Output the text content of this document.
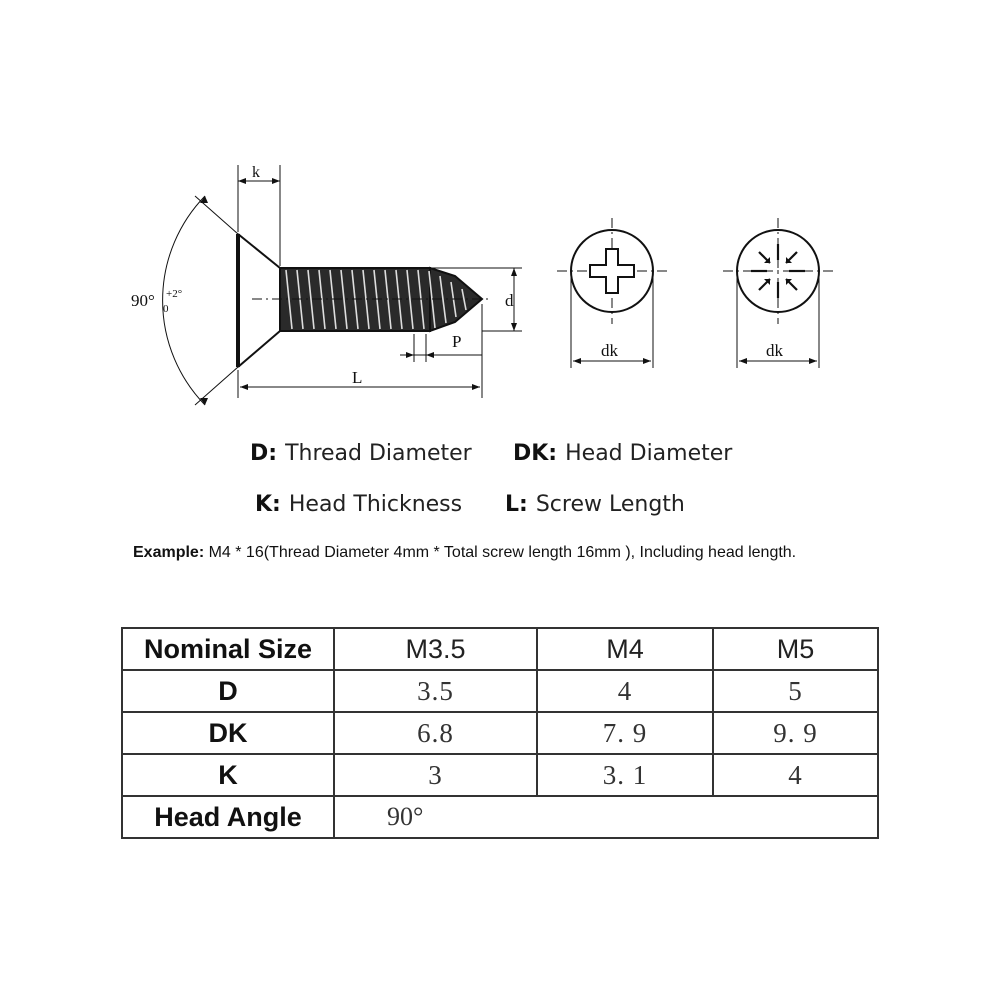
k
90° +2°
0	d
P
L
dk	dk
D: Thread Diameter DK: Head Diameter
K: Head Thickness L: Screw Length
Example: M4 * 16(Thread Diameter 4mm * Total screw length 16mm ), Including head length.
Nominal Size	M3.5	M4	M5
D	3.5	4	5
DK	6.8	7. 9	9. 9
K	3	3. 1	4
Head Angle	90°		
